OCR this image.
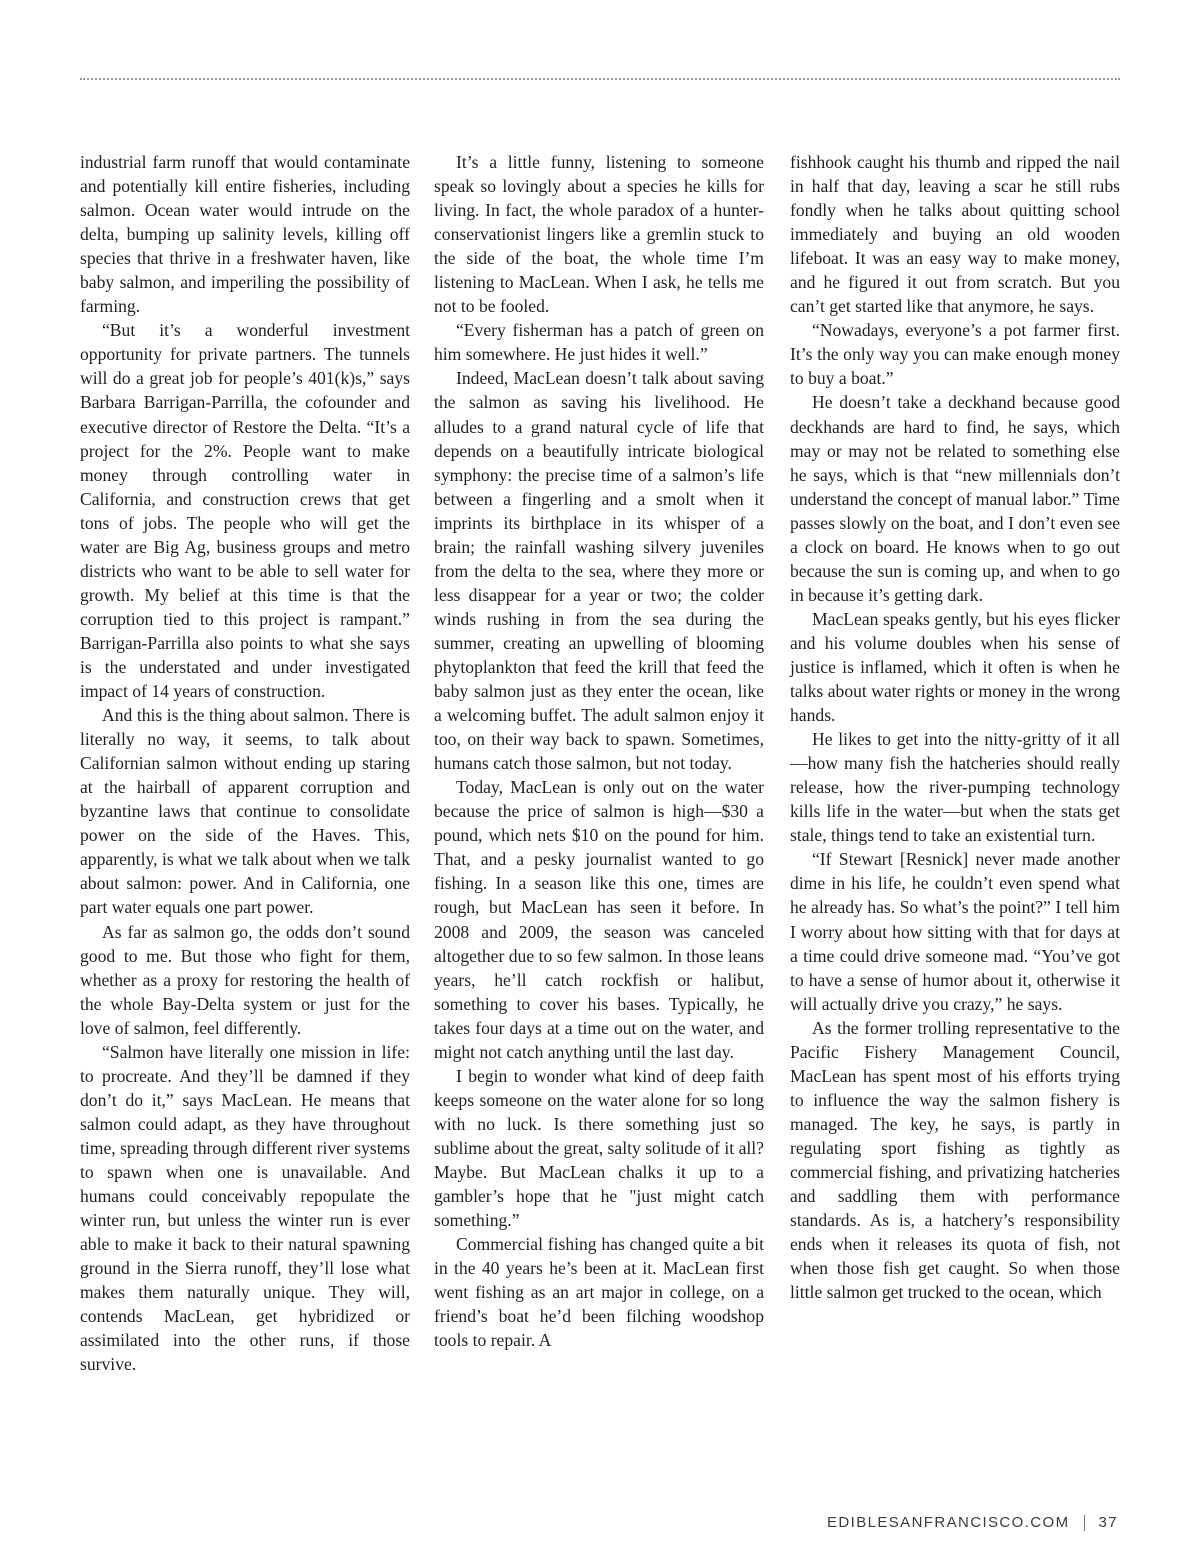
industrial farm runoff that would contaminate and potentially kill entire fisheries, including salmon. Ocean water would intrude on the delta, bumping up salinity levels, killing off species that thrive in a freshwater haven, like baby salmon, and imperiling the possibility of farming.

“But it’s a wonderful investment opportunity for private partners. The tunnels will do a great job for people’s 401(k)s,” says Barbara Barrigan-Parrilla, the cofounder and executive director of Restore the Delta. “It’s a project for the 2%. People want to make money through controlling water in California, and construction crews that get tons of jobs. The people who will get the water are Big Ag, business groups and metro districts who want to be able to sell water for growth. My belief at this time is that the corruption tied to this project is rampant.” Barrigan-Parrilla also points to what she says is the understated and under investigated impact of 14 years of construction.

And this is the thing about salmon. There is literally no way, it seems, to talk about Californian salmon without ending up staring at the hairball of apparent corruption and byzantine laws that continue to consolidate power on the side of the Haves. This, apparently, is what we talk about when we talk about salmon: power. And in California, one part water equals one part power.

As far as salmon go, the odds don’t sound good to me. But those who fight for them, whether as a proxy for restoring the health of the whole Bay-Delta system or just for the love of salmon, feel differently.

“Salmon have literally one mission in life: to procreate. And they’ll be damned if they don’t do it,” says MacLean. He means that salmon could adapt, as they have throughout time, spreading through different river systems to spawn when one is unavailable. And humans could conceivably repopulate the winter run, but unless the winter run is ever able to make it back to their natural spawning ground in the Sierra runoff, they’ll lose what makes them naturally unique. They will, contends MacLean, get hybridized or assimilated into the other runs, if those survive.

It’s a little funny, listening to someone speak so lovingly about a species he kills for living. In fact, the whole paradox of a hunter-conservationist lingers like a gremlin stuck to the side of the boat, the whole time I’m listening to MacLean. When I ask, he tells me not to be fooled.

“Every fisherman has a patch of green on him somewhere. He just hides it well.”

Indeed, MacLean doesn’t talk about saving the salmon as saving his livelihood. He alludes to a grand natural cycle of life that depends on a beautifully intricate biological symphony: the precise time of a salmon’s life between a fingerling and a smolt when it imprints its birthplace in its whisper of a brain; the rainfall washing silvery juveniles from the delta to the sea, where they more or less disappear for a year or two; the colder winds rushing in from the sea during the summer, creating an upwelling of blooming phytoplankton that feed the krill that feed the baby salmon just as they enter the ocean, like a welcoming buffet. The adult salmon enjoy it too, on their way back to spawn. Sometimes, humans catch those salmon, but not today.

Today, MacLean is only out on the water because the price of salmon is high—$30 a pound, which nets $10 on the pound for him. That, and a pesky journalist wanted to go fishing. In a season like this one, times are rough, but MacLean has seen it before. In 2008 and 2009, the season was canceled altogether due to so few salmon. In those leans years, he’ll catch rockfish or halibut, something to cover his bases. Typically, he takes four days at a time out on the water, and might not catch anything until the last day.

I begin to wonder what kind of deep faith keeps someone on the water alone for so long with no luck. Is there something just so sublime about the great, salty solitude of it all? Maybe. But MacLean chalks it up to a gambler’s hope that he "just might catch something.”

Commercial fishing has changed quite a bit in the 40 years he’s been at it. MacLean first went fishing as an art major in college, on a friend’s boat he’d been filching woodshop tools to repair. A

fishhook caught his thumb and ripped the nail in half that day, leaving a scar he still rubs fondly when he talks about quitting school immediately and buying an old wooden lifeboat. It was an easy way to make money, and he figured it out from scratch. But you can’t get started like that anymore, he says.

“Nowadays, everyone’s a pot farmer first. It’s the only way you can make enough money to buy a boat.”

He doesn’t take a deckhand because good deckhands are hard to find, he says, which may or may not be related to something else he says, which is that “new millennials don’t understand the concept of manual labor.” Time passes slowly on the boat, and I don’t even see a clock on board. He knows when to go out because the sun is coming up, and when to go in because it’s getting dark.

MacLean speaks gently, but his eyes flicker and his volume doubles when his sense of justice is inflamed, which it often is when he talks about water rights or money in the wrong hands.

He likes to get into the nitty-gritty of it all—how many fish the hatcheries should really release, how the river-pumping technology kills life in the water—but when the stats get stale, things tend to take an existential turn.

“If Stewart [Resnick] never made another dime in his life, he couldn’t even spend what he already has. So what’s the point?” I tell him I worry about how sitting with that for days at a time could drive someone mad. “You’ve got to have a sense of humor about it, otherwise it will actually drive you crazy,” he says.

As the former trolling representative to the Pacific Fishery Management Council, MacLean has spent most of his efforts trying to influence the way the salmon fishery is managed. The key, he says, is partly in regulating sport fishing as tightly as commercial fishing, and privatizing hatcheries and saddling them with performance standards. As is, a hatchery’s responsibility ends when it releases its quota of fish, not when those fish get caught. So when those little salmon get trucked to the ocean, which

EDIBLESANFRANCISCO.COM 37
